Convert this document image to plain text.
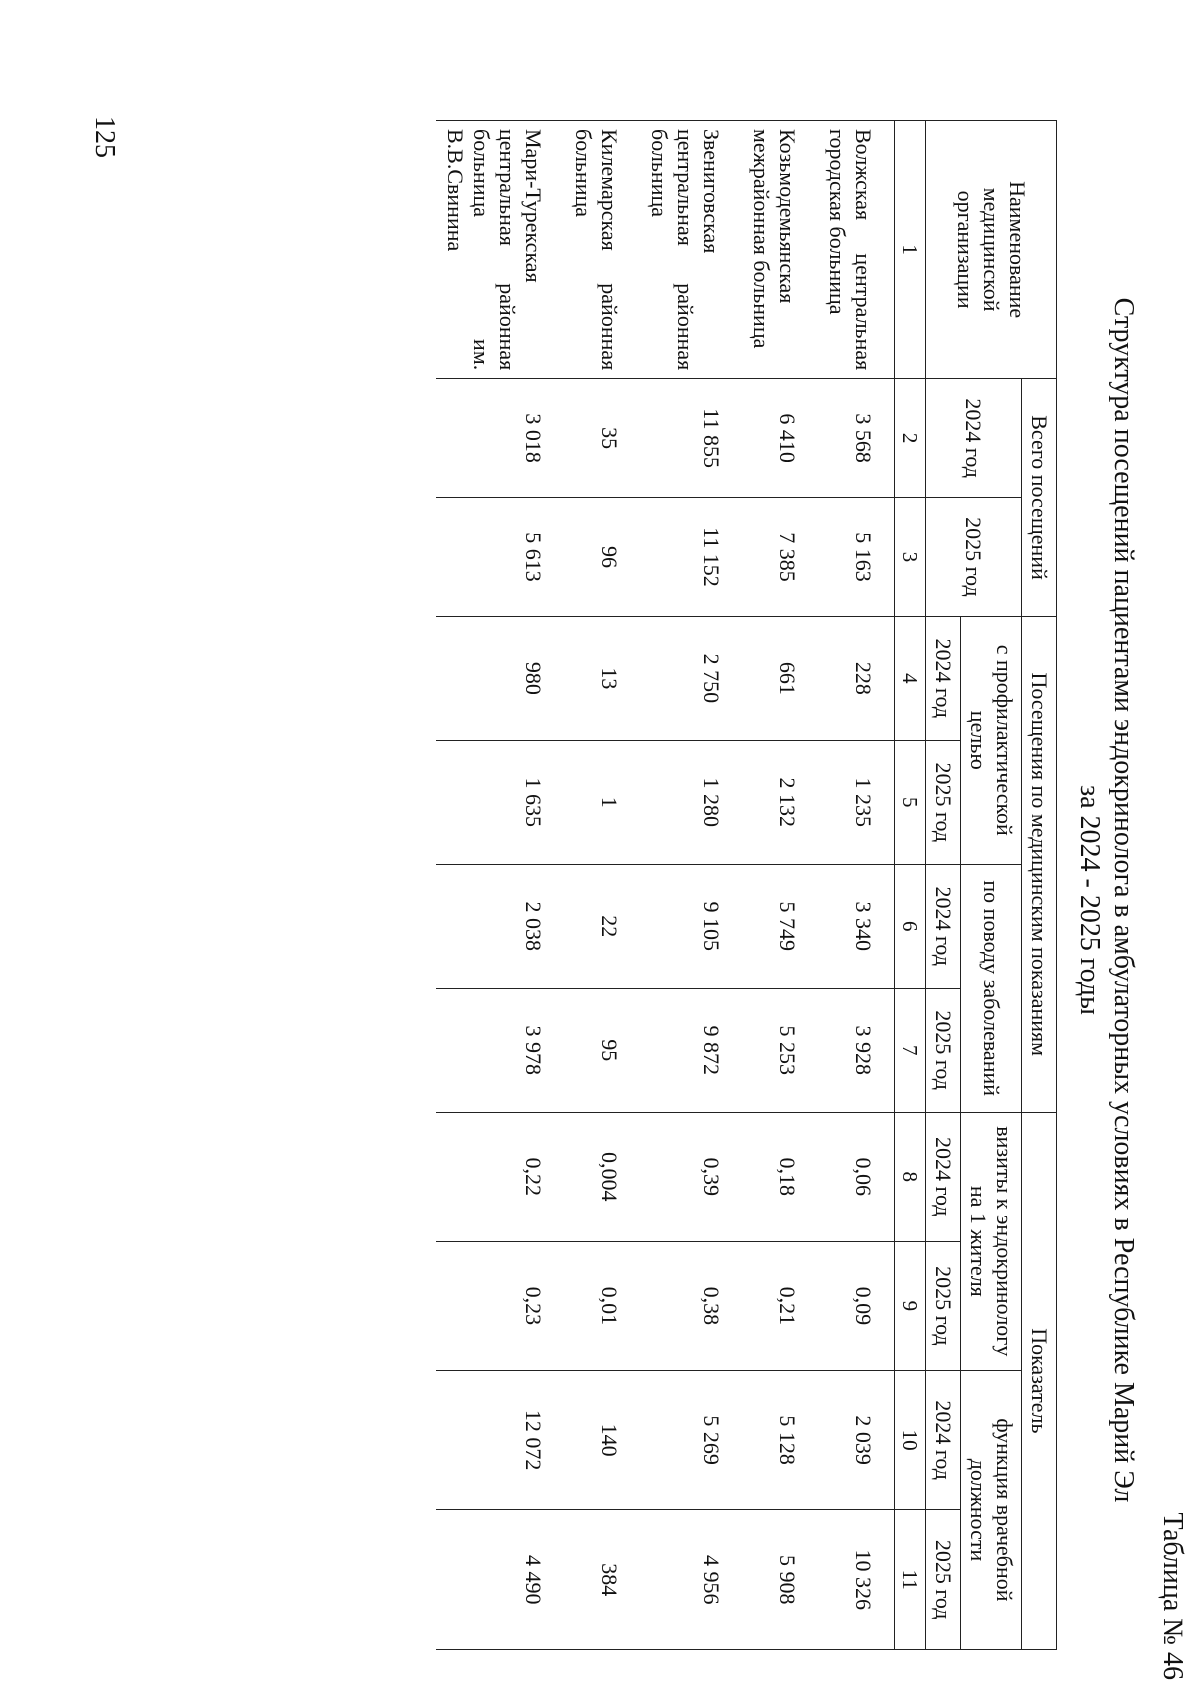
125
Таблица № 46
Структура посещений пациентами эндокринолога в амбулаторных условиях в Республике Марий Эл
за 2024 - 2025 годы
Наименование медицинской организации	Всего посещений		Посещения по медицинским показаниям				Показатель			
	2024 год	2025 год	с профилактической целью		по поводу заболеваний		визиты к эндокринологу на 1 жителя		функция врачебной должности	
			2024 год	2025 год	2024 год	2025 год	2024 год	2025 год	2024 год	2025 год
1	2	3	4	5	6	7	8	9	10	11
Волжская центральная городская больница	3 568	5 163	228	1 235	3 340	3 928	0,06	0,09	2 039	10 326
Козьмодемьянская межрайонная больница	6 410	7 385	661	2 132	5 749	5 253	0,18	0,21	5 128	5 908
Звениговская центральная районная больница	11 855	11 152	2 750	1 280	9 105	9 872	0,39	0,38	5 269	4 956
Килемарская районная больница	35	96	13	1	22	95	0,004	0,01	140	384
Мари-Турекская центральная районная больница им. В.В.Свинина	3 018	5 613	980	1 635	2 038	3 978	0,22	0,23	12 072	4 490
